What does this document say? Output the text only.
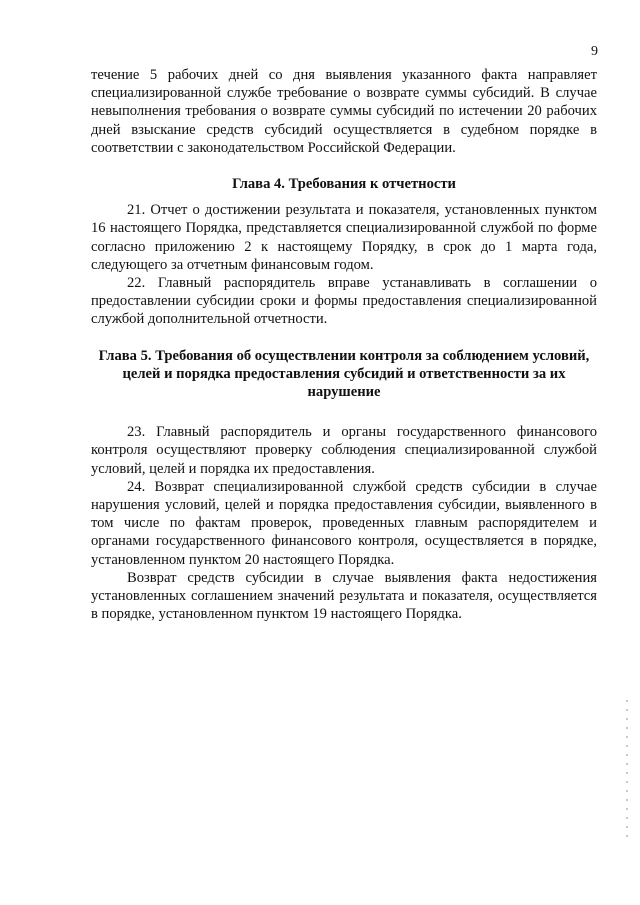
9

течение 5 рабочих дней со дня выявления указанного факта направляет специализированной службе требование о возврате суммы субсидий. В случае невыполнения требования о возврате суммы субсидий по истечении 20 рабочих дней взыскание средств субсидий осуществляется в судебном порядке в соответствии с законодательством Российской Федерации.

Глава 4. Требования к отчетности

21. Отчет о достижении результата и показателя, установленных пунктом 16 настоящего Порядка, представляется специализированной службой по форме согласно приложению 2 к настоящему Порядку, в срок до 1 марта года, следующего за отчетным финансовым годом.

22. Главный распорядитель вправе устанавливать в соглашении о предоставлении субсидии сроки и формы предоставления специализированной службой дополнительной отчетности.

Глава 5. Требования об осуществлении контроля за соблюдением условий, целей и порядка предоставления субсидий и ответственности за их нарушение

23. Главный распорядитель и органы государственного финансового контроля осуществляют проверку соблюдения специализированной службой условий, целей и порядка их предоставления.

24. Возврат специализированной службой средств субсидии в случае нарушения условий, целей и порядка предоставления субсидии, выявленного в том числе по фактам проверок, проведенных главным распорядителем и органами государственного финансового контроля, осуществляется в порядке, установленном пунктом 20 настоящего Порядка.

Возврат средств субсидии в случае выявления факта недостижения установленных соглашением значений результата и показателя, осуществляется в порядке, установленном пунктом 19 настоящего Порядка.
